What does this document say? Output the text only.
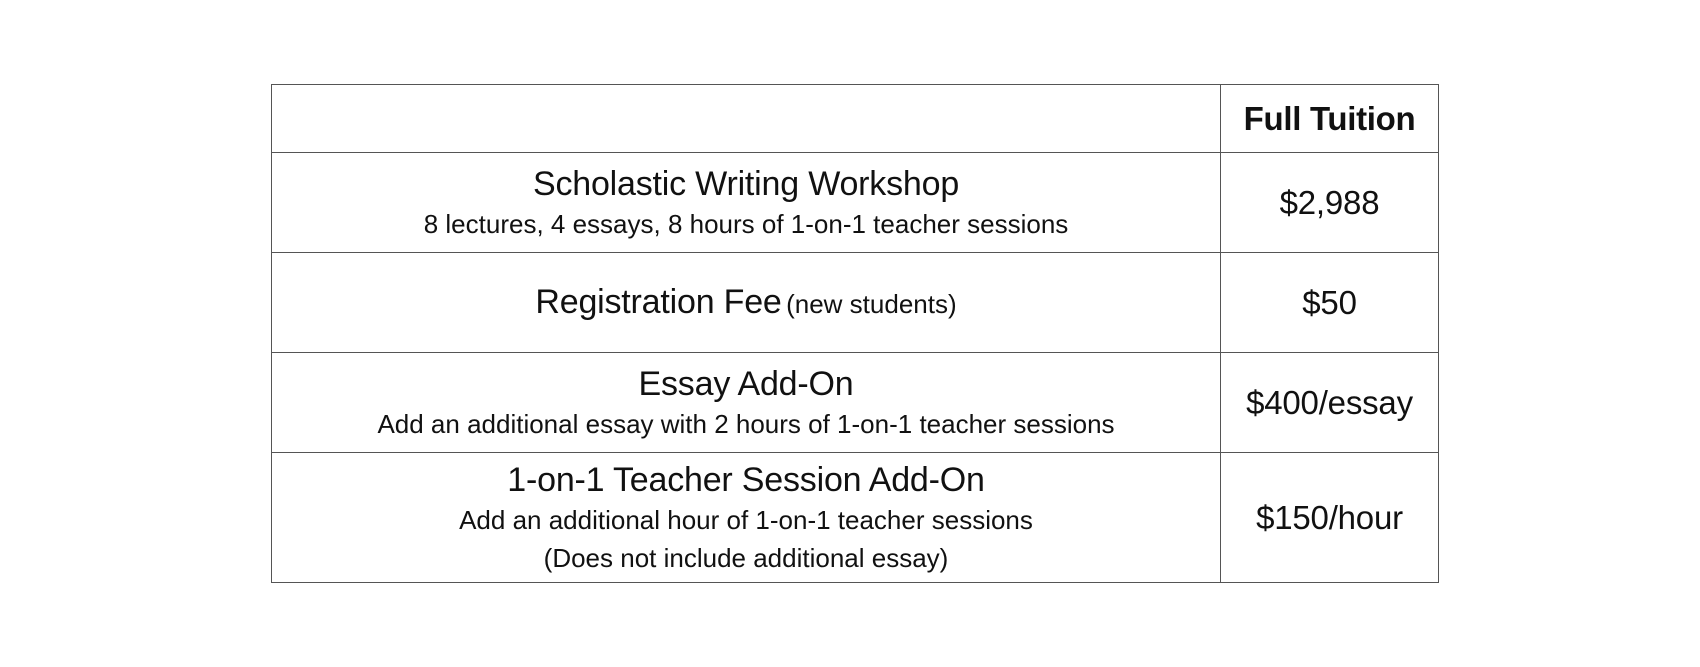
	Full Tuition

Scholastic Writing Workshop
8 lectures, 4 essays, 8 hours of 1-on-1 teacher sessions	$2,988
Registration Fee (new students)	$50

Essay Add-On
Add an additional essay with 2 hours of 1-on-1 teacher sessions	$400/essay

1-on-1 Teacher Session Add-On
Add an additional hour of 1-on-1 teacher sessions
(Does not include additional essay)	$150/hour
